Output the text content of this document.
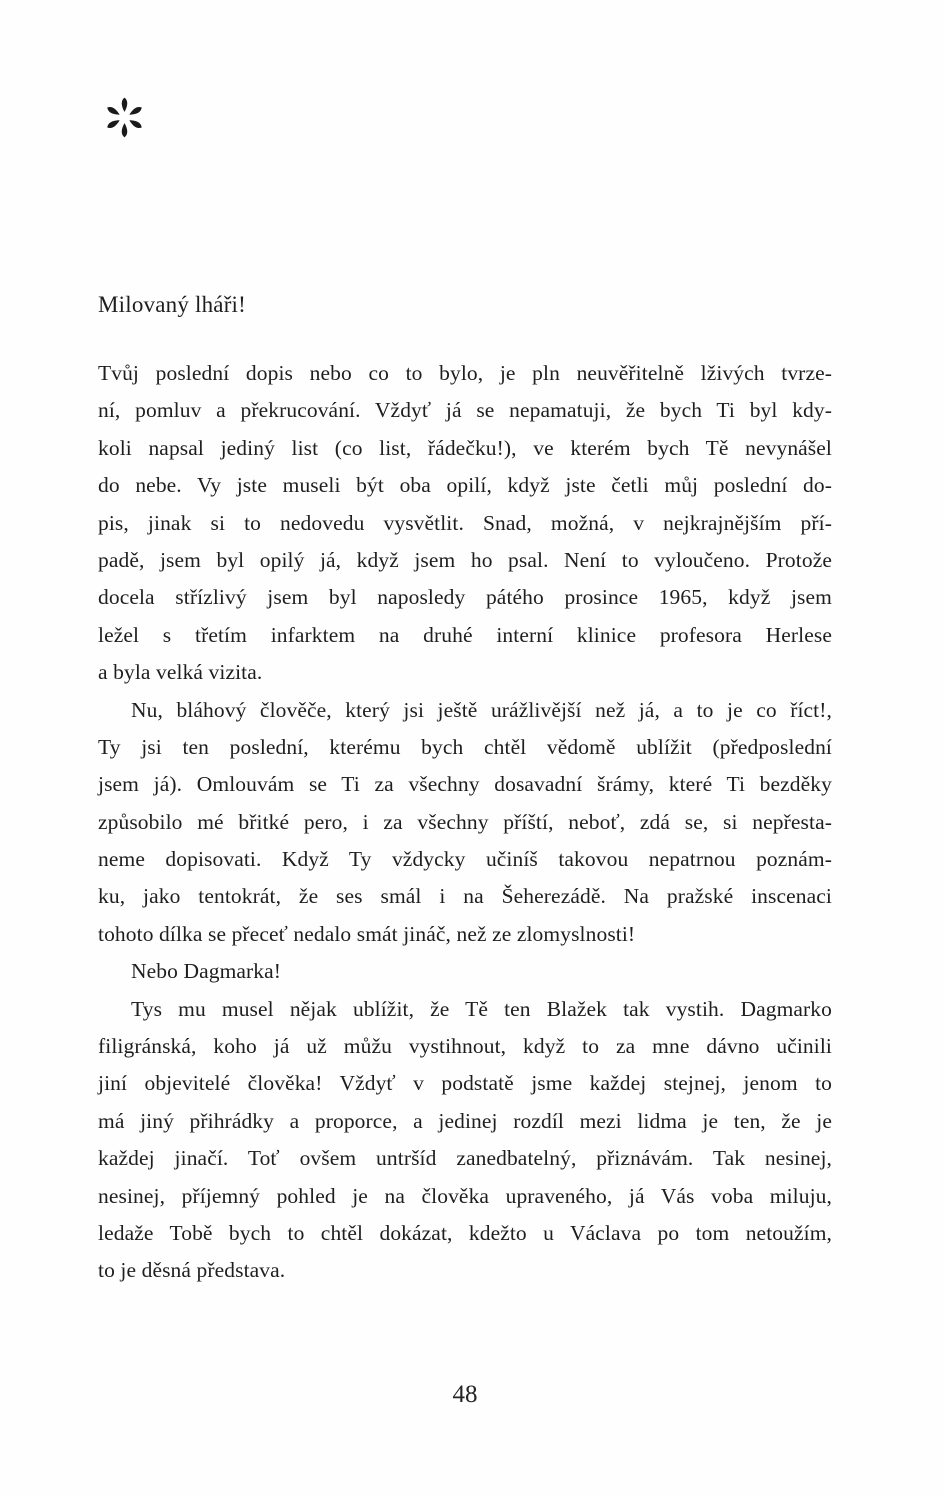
Milovaný lháři!
Tvůj poslední dopis nebo co to bylo, je pln neuvěřitelně lživých tvrze-
ní, pomluv a překrucování. Vždyť já se nepamatuji, že bych Ti byl kdy-
koli napsal jediný list (co list, řádečku!), ve kterém bych Tě nevynášel
do nebe. Vy jste museli být oba opilí, když jste četli můj poslední do-
pis, jinak si to nedovedu vysvětlit. Snad, možná, v nejkrajnějším pří-
padě, jsem byl opilý já, když jsem ho psal. Není to vyloučeno. Protože
docela střízlivý jsem byl naposledy pátého prosince 1965, když jsem
ležel s třetím infarktem na druhé interní klinice profesora Herlese
a byla velká vizita.
Nu, bláhový člověče, který jsi ještě urážlivější než já, a to je co říct!,
Ty jsi ten poslední, kterému bych chtěl vědomě ublížit (předposlední
jsem já). Omlouvám se Ti za všechny dosavadní šrámy, které Ti bezděky
způsobilo mé břitké pero, i za všechny příští, neboť, zdá se, si nepřesta-
neme dopisovati. Když Ty vždycky učiníš takovou nepatrnou poznám-
ku, jako tentokrát, že ses smál i na Šeherezádě. Na pražské inscenaci
tohoto dílka se přeceť nedalo smát jináč, než ze zlomyslnosti!
Nebo Dagmarka!
Tys mu musel nějak ublížit, že Tě ten Blažek tak vystih. Dagmarko
filigránská, koho já už můžu vystihnout, když to za mne dávno učinili
jiní objevitelé člověka! Vždyť v podstatě jsme každej stejnej, jenom to
má jiný přihrádky a proporce, a jedinej rozdíl mezi lidma je ten, že je
každej jinačí. Toť ovšem untršíd zanedbatelný, přiznávám. Tak nesinej,
nesinej, příjemný pohled je na člověka upraveného, já Vás voba miluju,
ledaže Tobě bych to chtěl dokázat, kdežto u Václava po tom netoužím,
to je děsná představa.
48
